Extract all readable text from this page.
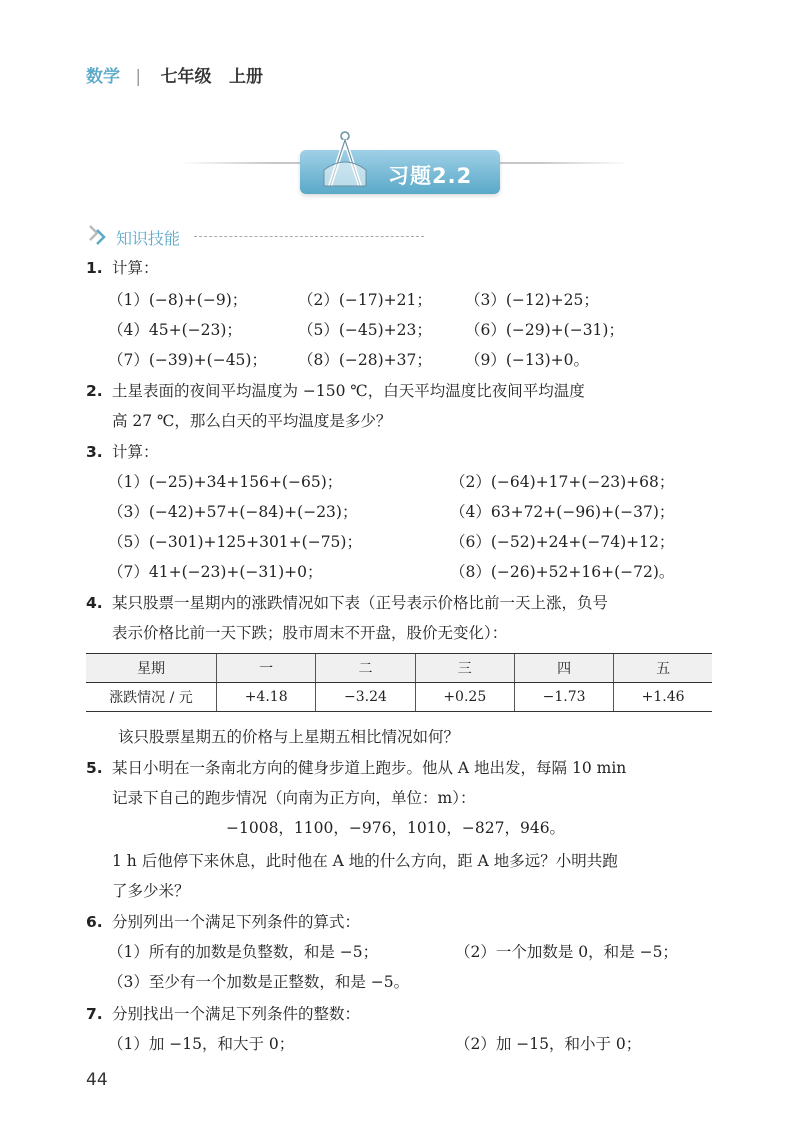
数学 | 七年级 上册
习题2.2
知识技能
1. 计算：
（1）(−8)+(−9)；	（2）(−17)+21； （3）(−12)+25；
（4）45+(−23)；	（5）(−45)+23； （6）(−29)+(−31)；
（7）(−39)+(−45)； （8）(−28)+37； （9）(−13)+0。
2. 土星表面的夜间平均温度为 −150 ℃，白天平均温度比夜间平均温度
高 27 ℃，那么白天的平均温度是多少？
3. 计算：
（1）(−25)+34+156+(−65)；	（2）(−64)+17+(−23)+68；
（3）(−42)+57+(−84)+(−23)；	（4）63+72+(−96)+(−37)；
（5）(−301)+125+301+(−75)；	（6）(−52)+24+(−74)+12；
（7）41+(−23)+(−31)+0；	（8）(−26)+52+16+(−72)。
4. 某只股票一星期内的涨跌情况如下表（正号表示价格比前一天上涨，负号
表示价格比前一天下跌；股市周末不开盘，股价无变化）：
星期	一	二	三	四	五
涨跌情况 / 元	+4.18	−3.24	+0.25	−1.73	+1.46
该只股票星期五的价格与上星期五相比情况如何？
5. 某日小明在一条南北方向的健身步道上跑步。他从 A 地出发，每隔 10 min
记录下自己的跑步情况（向南为正方向，单位：m）：
−1008，1100，−976，1010，−827，946。
1 h 后他停下来休息，此时他在 A 地的什么方向，距 A 地多远？小明共跑
了多少米？
6. 分别列出一个满足下列条件的算式：
（1）所有的加数是负整数，和是 −5；	（2）一个加数是 0，和是 −5；
（3）至少有一个加数是正整数，和是 −5。
7. 分别找出一个满足下列条件的整数：
（1）加 −15，和大于 0；	（2）加 −15，和小于 0；
44
